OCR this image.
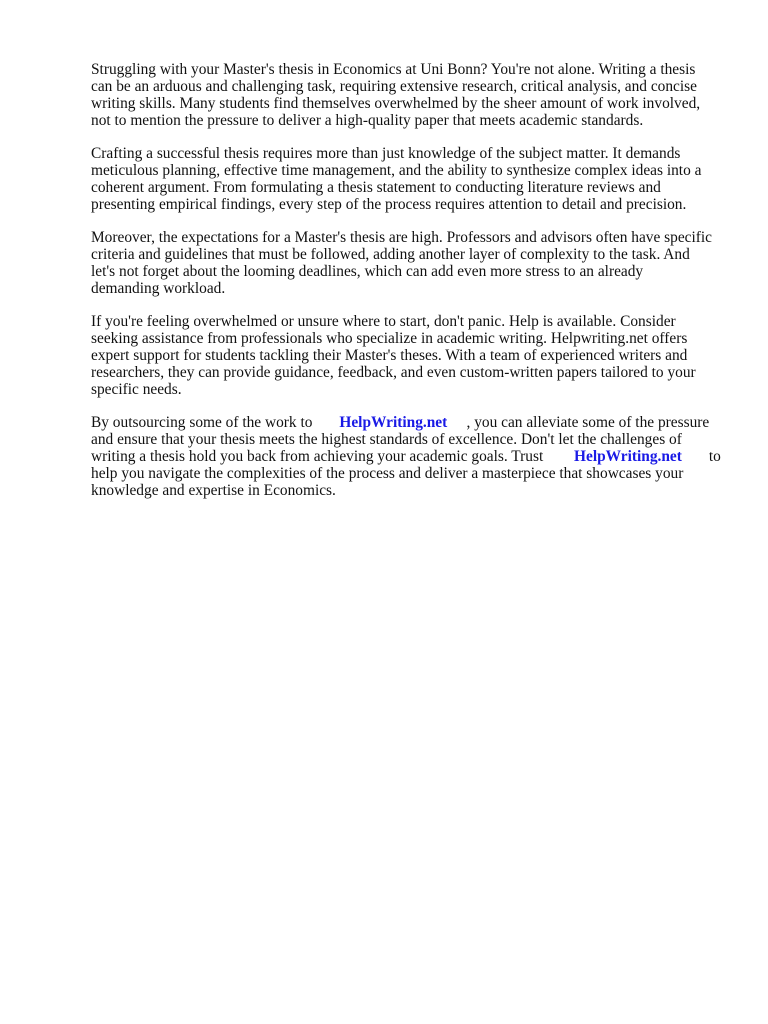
Struggling with your Master's thesis in Economics at Uni Bonn? You're not alone. Writing a thesis
can be an arduous and challenging task, requiring extensive research, critical analysis, and concise
writing skills. Many students find themselves overwhelmed by the sheer amount of work involved,
not to mention the pressure to deliver a high-quality paper that meets academic standards.

Crafting a successful thesis requires more than just knowledge of the subject matter. It demands
meticulous planning, effective time management, and the ability to synthesize complex ideas into a
coherent argument. From formulating a thesis statement to conducting literature reviews and
presenting empirical findings, every step of the process requires attention to detail and precision.

Moreover, the expectations for a Master's thesis are high. Professors and advisors often have specific
criteria and guidelines that must be followed, adding another layer of complexity to the task. And
let's not forget about the looming deadlines, which can add even more stress to an already
demanding workload.

If you're feeling overwhelmed or unsure where to start, don't panic. Help is available. Consider
seeking assistance from professionals who specialize in academic writing. Helpwriting.net offers
expert support for students tackling their Master's theses. With a team of experienced writers and
researchers, they can provide guidance, feedback, and even custom-written papers tailored to your
specific needs.

By outsourcing some of the work to       HelpWriting.net     , you can alleviate some of the pressure
and ensure that your thesis meets the highest standards of excellence. Don't let the challenges of
writing a thesis hold you back from achieving your academic goals. Trust        HelpWriting.net       to
help you navigate the complexities of the process and deliver a masterpiece that showcases your
knowledge and expertise in Economics.
